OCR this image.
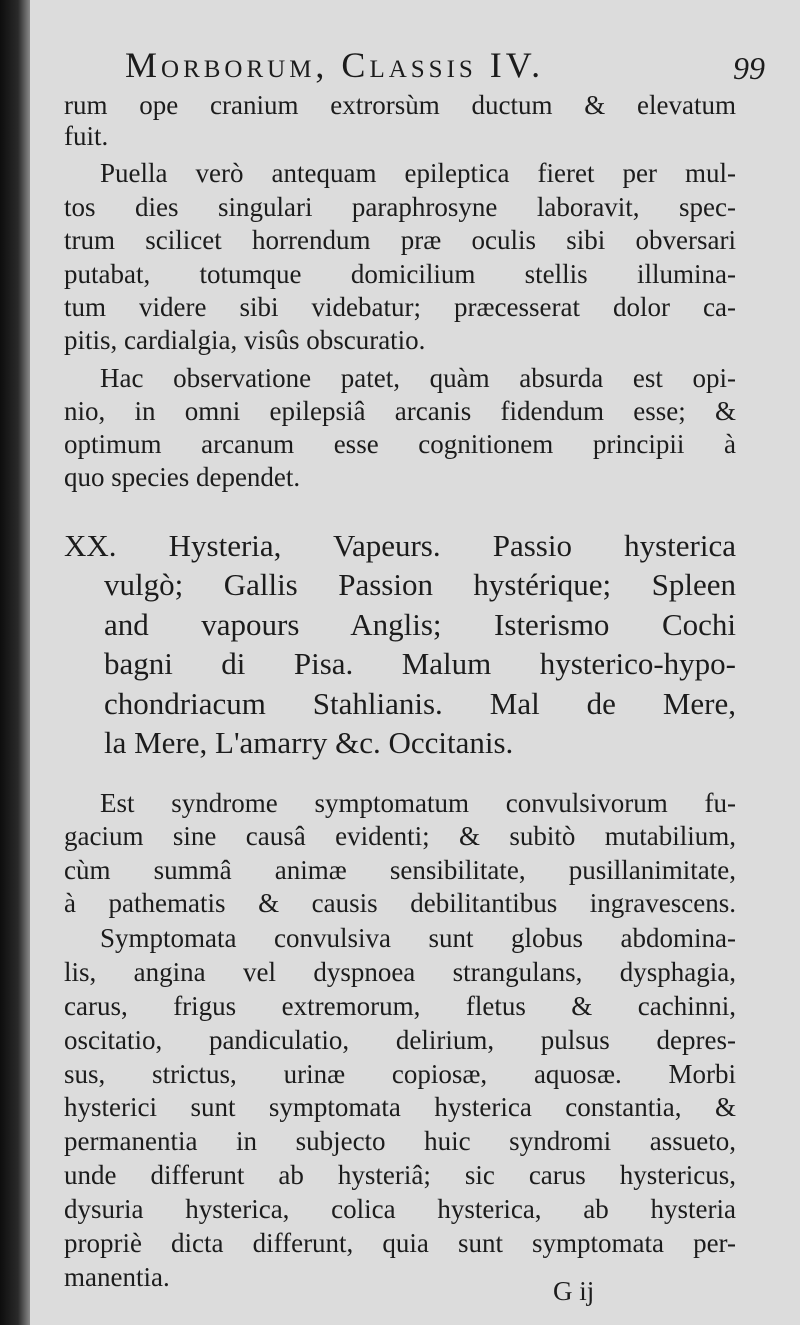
Morborum, Classis IV.	99
rum ope cranium extrorsùm ductum & elevatum
fuit.
Puella verò antequam epileptica fieret per mul-
tos dies singulari paraphrosyne laboravit, spec-
trum scilicet horrendum præ oculis sibi obversari
putabat, totumque domicilium stellis illumina-
tum videre sibi videbatur; præcesserat dolor ca-
pitis, cardialgia, visûs obscuratio.
Hac observatione patet, quàm absurda est opi-
nio, in omni epilepsiâ arcanis fidendum esse; &
optimum arcanum esse cognitionem principii à
quo species dependet.
XX. Hysteria, Vapeurs. Passio hysterica
vulgò; Gallis Passion hystérique; Spleen
and vapours Anglis; Isterismo Cochi
bagni di Pisa. Malum hysterico-hypo-
chondriacum Stahlianis. Mal de Mere,
la Mere, L'amarry &c. Occitanis.
Est syndrome symptomatum convulsivorum fu-
gacium sine causâ evidenti; & subitò mutabilium,
cùm summâ animæ sensibilitate, pusillanimitate,
à pathematis & causis debilitantibus ingravescens.
Symptomata convulsiva sunt globus abdomina-
lis, angina vel dyspnoea strangulans, dysphagia,
carus, frigus extremorum, fletus & cachinni,
oscitatio, pandiculatio, delirium, pulsus depres-
sus, strictus, urinæ copiosæ, aquosæ. Morbi
hysterici sunt symptomata hysterica constantia, &
permanentia in subjecto huic syndromi assueto,
unde differunt ab hysteriâ; sic carus hystericus,
dysuria hysterica, colica hysterica, ab hysteria
propriè dicta differunt, quia sunt symptomata per-
manentia.	G ij
